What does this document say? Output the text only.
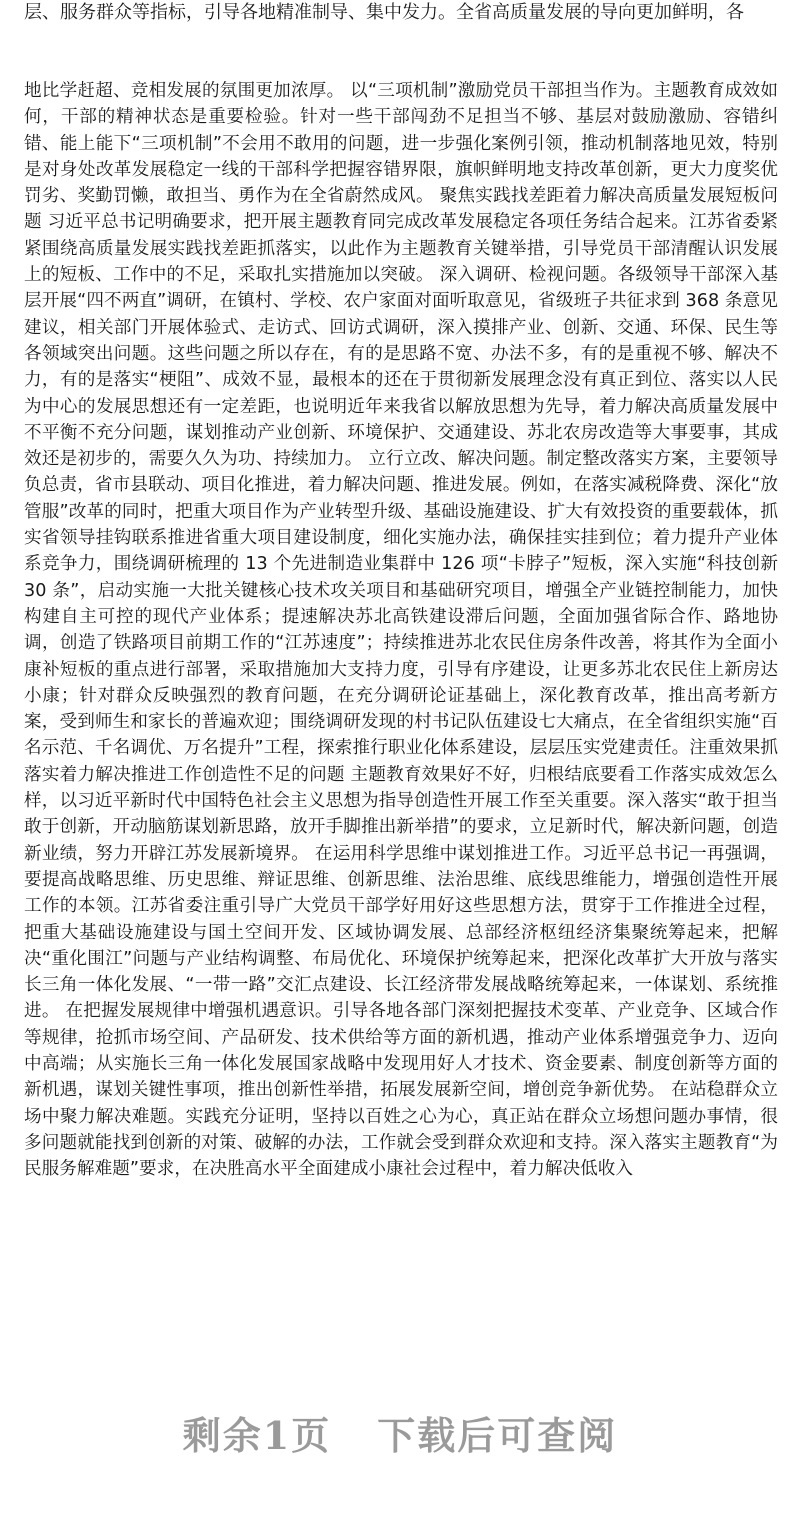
层、服务群众等指标，引导各地精准制导、集中发力。全省高质量发展的导向更加鲜明，各

地比学赶超、竞相发展的氛围更加浓厚。 以“三项机制”激励党员干部担当作为。主题教育成效如何，干部的精神状态是重要检验。针对一些干部闯劲不足担当不够、基层对鼓励激励、容错纠错、能上能下“三项机制”不会用不敢用的问题，进一步强化案例引领，推动机制落地见效，特别是对身处改革发展稳定一线的干部科学把握容错界限，旗帜鲜明地支持改革创新，更大力度奖优罚劣、奖勤罚懒，敢担当、勇作为在全省蔚然成风。 聚焦实践找差距着力解决高质量发展短板问题 习近平总书记明确要求，把开展主题教育同完成改革发展稳定各项任务结合起来。江苏省委紧紧围绕高质量发展实践找差距抓落实，以此作为主题教育关键举措，引导党员干部清醒认识发展上的短板、工作中的不足，采取扎实措施加以突破。 深入调研、检视问题。各级领导干部深入基层开展“四不两直”调研，在镇村、学校、农户家面对面听取意见，省级班子共征求到 368 条意见建议，相关部门开展体验式、走访式、回访式调研，深入摸排产业、创新、交通、环保、民生等各领域突出问题。这些问题之所以存在，有的是思路不宽、办法不多，有的是重视不够、解决不力，有的是落实“梗阻”、成效不显，最根本的还在于贯彻新发展理念没有真正到位、落实以人民为中心的发展思想还有一定差距，也说明近年来我省以解放思想为先导，着力解决高质量发展中不平衡不充分问题，谋划推动产业创新、环境保护、交通建设、苏北农房改造等大事要事，其成效还是初步的，需要久久为功、持续加力。 立行立改、解决问题。制定整改落实方案，主要领导负总责，省市县联动、项目化推进，着力解决问题、推进发展。例如，在落实减税降费、深化“放管服”改革的同时，把重大项目作为产业转型升级、基础设施建设、扩大有效投资的重要载体，抓实省领导挂钩联系推进省重大项目建设制度，细化实施办法，确保挂实挂到位；着力提升产业体系竞争力，围绕调研梳理的 13 个先进制造业集群中 126 项“卡脖子”短板，深入实施“科技创新 30 条”，启动实施一大批关键核心技术攻关项目和基础研究项目，增强全产业链控制能力，加快构建自主可控的现代产业体系；提速解决苏北高铁建设滞后问题，全面加强省际合作、路地协调，创造了铁路项目前期工作的“江苏速度”；持续推进苏北农民住房条件改善，将其作为全面小康补短板的重点进行部署，采取措施加大支持力度，引导有序建设，让更多苏北农民住上新房达小康；针对群众反映强烈的教育问题，在充分调研论证基础上，深化教育改革，推出高考新方案，受到师生和家长的普遍欢迎；围绕调研发现的村书记队伍建设七大痛点，在全省组织实施“百名示范、千名调优、万名提升”工程，探索推行职业化体系建设，层层压实党建责任。注重效果抓落实着力解决推进工作创造性不足的问题 主题教育效果好不好，归根结底要看工作落实成效怎么样，以习近平新时代中国特色社会主义思想为指导创造性开展工作至关重要。深入落实“敢于担当敢于创新，开动脑筋谋划新思路，放开手脚推出新举措”的要求，立足新时代，解决新问题，创造新业绩，努力开辟江苏发展新境界。 在运用科学思维中谋划推进工作。习近平总书记一再强调，要提高战略思维、历史思维、辩证思维、创新思维、法治思维、底线思维能力，增强创造性开展工作的本领。江苏省委注重引导广大党员干部学好用好这些思想方法，贯穿于工作推进全过程，把重大基础设施建设与国土空间开发、区域协调发展、总部经济枢纽经济集聚统筹起来，把解决“重化围江”问题与产业结构调整、布局优化、环境保护统筹起来，把深化改革扩大开放与落实长三角一体化发展、“一带一路”交汇点建设、长江经济带发展战略统筹起来，一体谋划、系统推进。 在把握发展规律中增强机遇意识。引导各地各部门深刻把握技术变革、产业竞争、区域合作等规律，抢抓市场空间、产品研发、技术供给等方面的新机遇，推动产业体系增强竞争力、迈向中高端；从实施长三角一体化发展国家战略中发现用好人才技术、资金要素、制度创新等方面的新机遇，谋划关键性事项，推出创新性举措，拓展发展新空间，增创竞争新优势。 在站稳群众立场中聚力解决难题。实践充分证明，坚持以百姓之心为心，真正站在群众立场想问题办事情，很多问题就能找到创新的对策、破解的办法，工作就会受到群众欢迎和支持。深入落实主题教育“为民服务解难题”要求，在决胜高水平全面建成小康社会过程中，着力解决低收入

剩余1页 下载后可查阅
